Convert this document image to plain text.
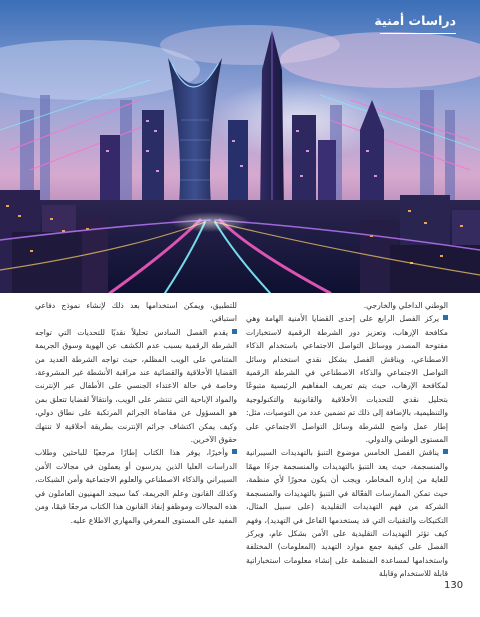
دراسات أمنية

الوطني الداخلي والخارجي.

يركز الفصل الرابع على إحدى القضايا الأمنية الهامة وهي مكافحة الإرهاب، وتعزيز دور الشرطة الرقمية لاستخبارات مفتوحة المصدر ووسائل التواصل الاجتماعي باستخدام الذكاء الاصطناعي، ويناقش الفصل بشكل نقدي استخدام وسائل التواصل الاجتماعي والذكاء الاصطناعي في الشرطة الرقمية لمكافحة الإرهاب، حيث يتم تعريف المفاهيم الرئيسية متبوعًا بتحليل نقدي للتحديات الأخلاقية والقانونية والتكنولوجية والتنظيمية، بالإضافة إلى ذلك تم تضمين عدد من التوصيات، مثل: إطار عمل واضح للشرطة وسائل التواصل الاجتماعي على المستوى الوطني والدولي.

يناقش الفصل الخامس موضوع التنبؤ بالتهديدات السيبرانية والمنسجمة، حيث يعد التنبؤ بالتهديدات والمنسجمة جزءًا مهمًا للغاية من إدارة المخاطر، ويجب أن يكون محورًا لأي منظمة، حيث تمكن الممارسات الفعّالة في التنبؤ بالتهديدات والمنسجمة الشركة من فهم التهديدات التقليدية (على سبيل المثال، التكتيكات والتقنيات التي قد يستخدمها الفاعل في التهديد)، وفهم كيف تؤثر التهديدات التقليدية على الأمن بشكل عام، ويركز الفصل على كيفية جمع موارد التهديد (المعلومات) المختلفة واستخدامها لمساعدة المنظمة على إنشاء معلومات استخباراتية قابلة للاستخدام وقابلة

للتطبيق، ويمكن استخدامها بعد ذلك لإنشاء نموذج دفاعي استباقي.

يقدم الفصل السادس تحليلاً نقديًا للتحديات التي تواجه الشرطة الرقمية بسبب عدم الكشف عن الهوية وسوق الجريمة المتنامي على الويب المظلم، حيث تواجه الشرطة العديد من القضايا الأخلاقية والقضائية عند مراقبة الأنشطة غير المشروعة، وخاصة في حالة الاعتداء الجنسي على الأطفال عبر الإنترنت والمواد الإباحية التي تنتشر على الويب، وانتقالاً لقضايا تتعلق بمن هو المسؤول عن مقاضاة الجرائم المرتكبة على نطاق دولي، وكيف يمكن اكتشاف جرائم الإنترنت بطريقة أخلاقية لا تنتهك حقوق الآخرين.

وأخيرًا، يوفر هذا الكتاب إطارًا مرجعيًا للباحثين وطلاب الدراسات العليا الذين يدرسون أو يعملون في مجالات الأمن السيبراني والذكاء الاصطناعي والعلوم الاجتماعية وأمن الشبكات، وكذلك القانون وعلم الجريمة، كما سيجد المهنيون العاملون في هذه المجالات وموظفو إنفاذ القانون هذا الكتاب مرجعًا قيمًا، ومن المفيد على المستوى المعرفي والمهاري الاطلاع عليه.

130
